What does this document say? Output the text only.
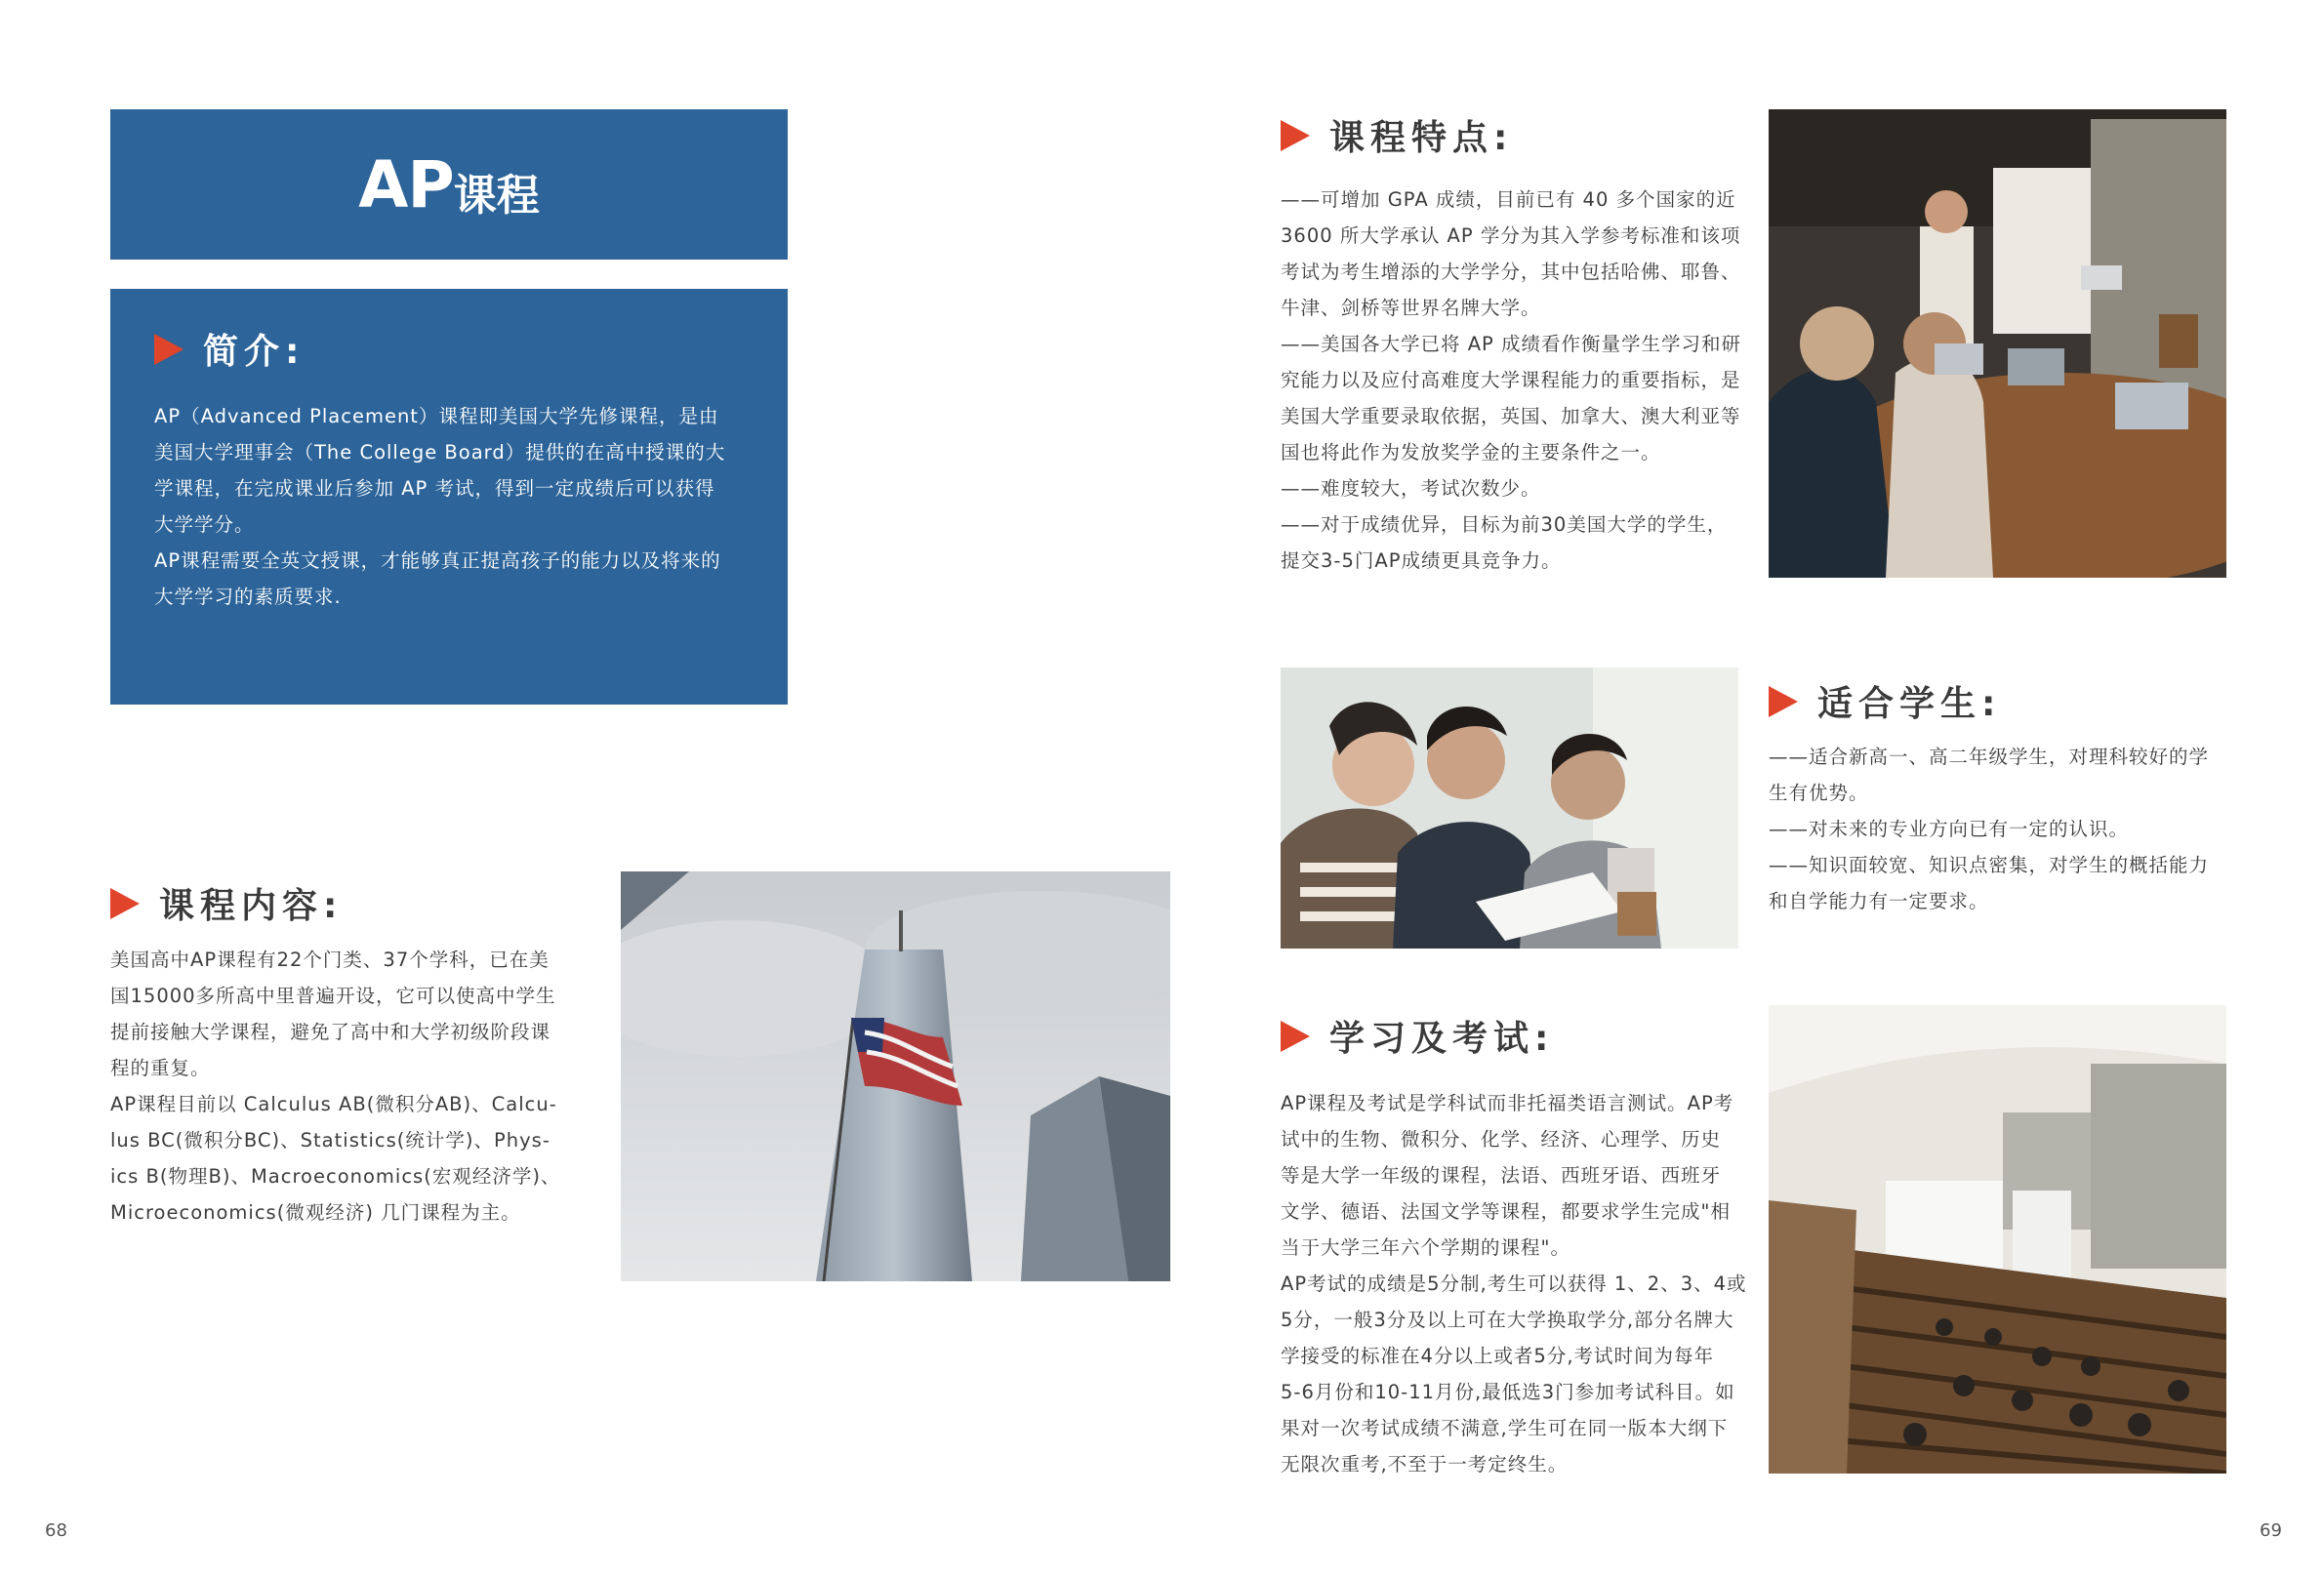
AP 课程
简介:
AP（Advanced Placement）课程即美国大学先修课程，是由
美国大学理事会（The College Board）提供的在高中授课的大
学课程，在完成课业后参加 AP 考试，得到一定成绩后可以获得
大学学分。
AP课程需要全英文授课，才能够真正提高孩子的能力以及将来的
大学学习的素质要求.
课程内容:
美国高中AP课程有22个门类、37个学科，已在美
国15000多所高中里普遍开设，它可以使高中学生
提前接触大学课程，避免了高中和大学初级阶段课
程的重复。
AP课程目前以 Calculus AB(微积分AB)、Calcu-
lus BC(微积分BC)、Statistics(统计学)、Phys-
ics B(物理B)、Macroeconomics(宏观经济学)、
Microeconomics(微观经济) 几门课程为主。
课程特点:
——可增加 GPA 成绩，目前已有 40 多个国家的近
3600 所大学承认 AP 学分为其入学参考标准和该项
考试为考生增添的大学学分，其中包括哈佛、耶鲁、
牛津、剑桥等世界名牌大学。
——美国各大学已将 AP 成绩看作衡量学生学习和研
究能力以及应付高难度大学课程能力的重要指标，是
美国大学重要录取依据，英国、加拿大、澳大利亚等
国也将此作为发放奖学金的主要条件之一。
——难度较大，考试次数少。
——对于成绩优异，目标为前30美国大学的学生，
提交3-5门AP成绩更具竞争力。
适合学生:
——适合新高一、高二年级学生，对理科较好的学
生有优势。
——对未来的专业方向已有一定的认识。
——知识面较宽、知识点密集，对学生的概括能力
和自学能力有一定要求。
学习及考试:
AP课程及考试是学科试而非托福类语言测试。AP考
试中的生物、微积分、化学、经济、心理学、历史
等是大学一年级的课程，法语、西班牙语、西班牙
文学、德语、法国文学等课程，都要求学生完成"相
当于大学三年六个学期的课程"。
AP考试的成绩是5分制,考生可以获得 1、2、3、4或
5分，一般3分及以上可在大学换取学分,部分名牌大
学接受的标准在4分以上或者5分,考试时间为每年
5-6月份和10-11月份,最低选3门参加考试科目。如
果对一次考试成绩不满意,学生可在同一版本大纲下
无限次重考,不至于一考定终生。
68	69
